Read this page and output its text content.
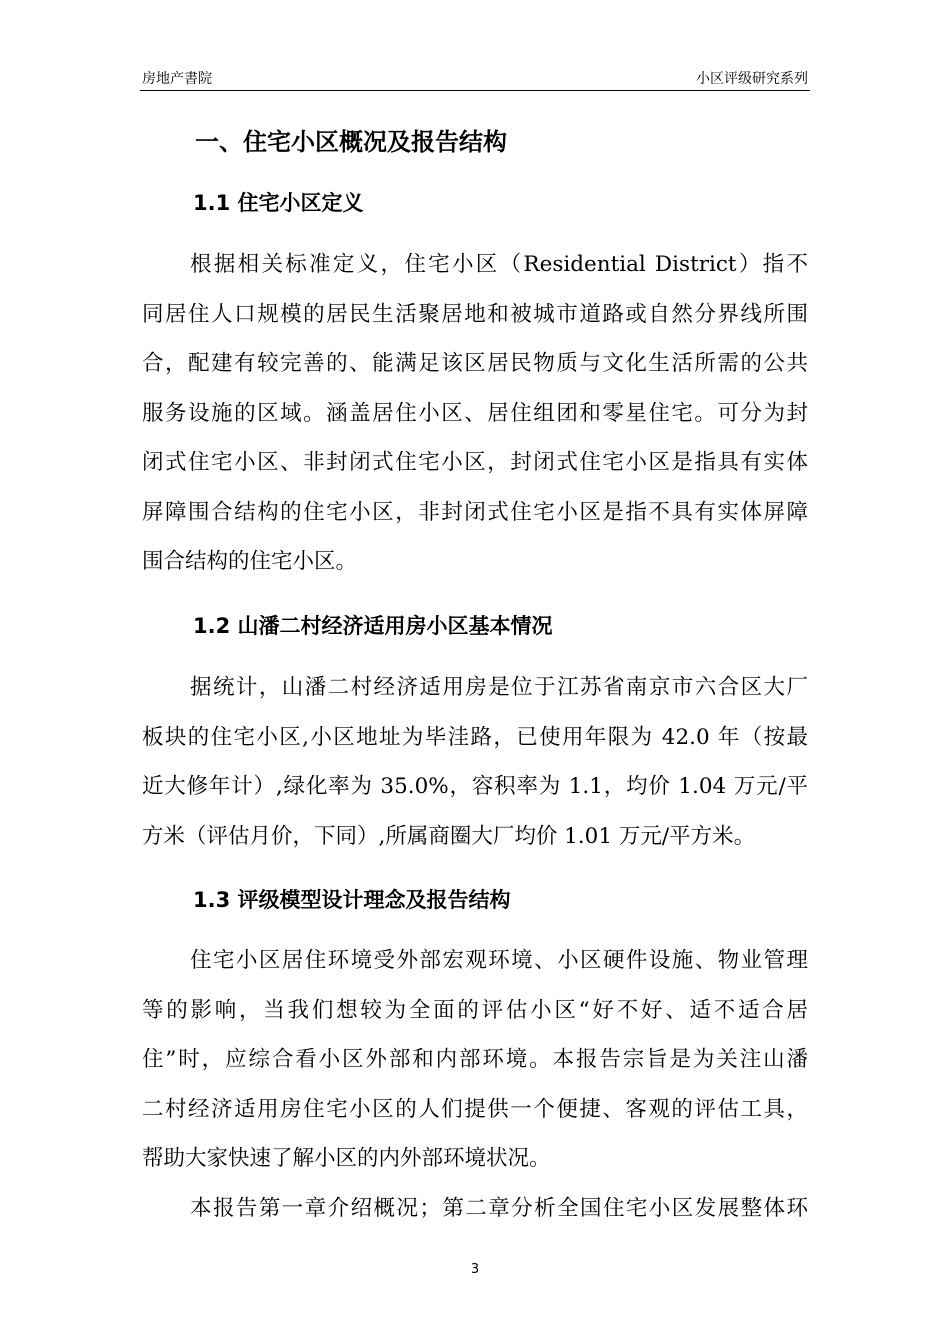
房地产書院	小区评级研究系列
一、住宅小区概况及报告结构
1.1 住宅小区定义
根据相关标准定义，住宅小区（Residential District）指不
同居住人口规模的居民生活聚居地和被城市道路或自然分界线所围
合，配建有较完善的、能满足该区居民物质与文化生活所需的公共
服务设施的区域。涵盖居住小区、居住组团和零星住宅。可分为封
闭式住宅小区、非封闭式住宅小区，封闭式住宅小区是指具有实体
屏障围合结构的住宅小区，非封闭式住宅小区是指不具有实体屏障
围合结构的住宅小区。
1.2 山潘二村经济适用房小区基本情况
据统计，山潘二村经济适用房是位于江苏省南京市六合区大厂
板块的住宅小区,小区地址为毕洼路，已使用年限为 42.0 年（按最
近大修年计）,绿化率为 35.0%，容积率为 1.1，均价 1.04 万元/平
方米（评估月价，下同）,所属商圈大厂均价 1.01 万元/平方米。
1.3 评级模型设计理念及报告结构
住宅小区居住环境受外部宏观环境、小区硬件设施、物业管理
等的影响，当我们想较为全面的评估小区“好不好、适不适合居
住”时，应综合看小区外部和内部环境。本报告宗旨是为关注山潘
二村经济适用房住宅小区的人们提供一个便捷、客观的评估工具，
帮助大家快速了解小区的内外部环境状况。
本报告第一章介绍概况；第二章分析全国住宅小区发展整体环
3
